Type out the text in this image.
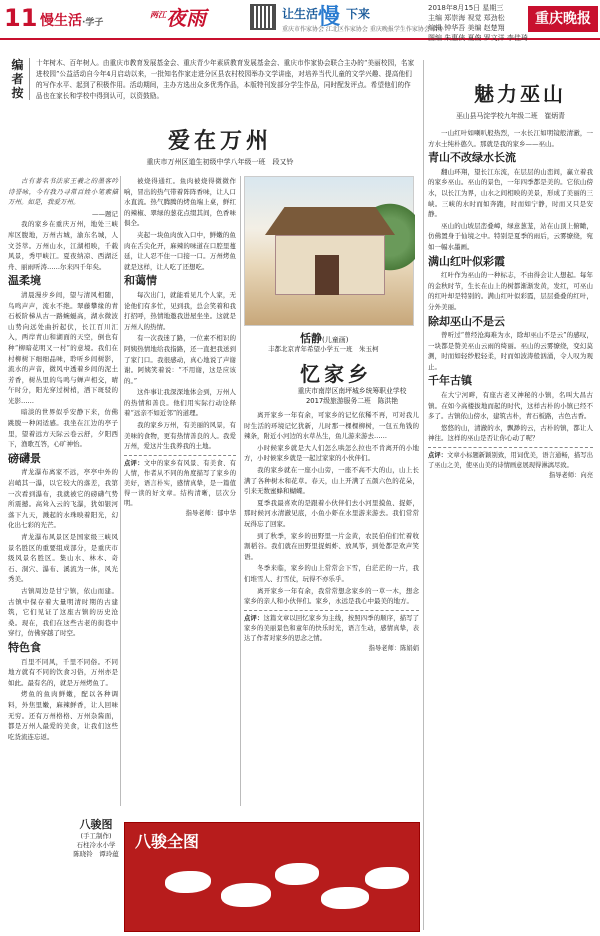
11 慢生活·学子
$^{两江}$夜雨	让生活 慢 下来
重庆市作家协会 江北区作家协会 重庆晚报学生作家协会 合办
2018年8月15日 星期三
主编 郑崇海 视觉 郑劲松
编辑 钟华吾 美编 赵楚翔
图编 朱惠侠 夏俊 罗文洋 李佳琦
重庆晚报
编者按
十年树木、百年树人。由重庆市教育发展基金会、重庆青少年素质教育发展基金会、重庆市作家协会联合主办的“美丽校园，名家进校园”公益活动自今年4月启动以来，一批知名作家走进分区县农村校园举办文学讲座，对培养当代儿童的文学兴趣、提高他们的写作水平、起到了积极作用。活动期间，主办方选出众多优秀作品，本版特刊发部分学生作品，同时配发评点。希望他们的作品也在家长和学校中得到认可，以资鼓励。
爱在万州
重庆市万州区道生初级中学八年级一班　段又铃

古有著名书法家王羲之的墨客吟诗誉咏，今有我乃寻常百姓小笔素描万州。如是，我爱万州。

——题记

我的家乡在重庆万州，地处三峡库区腹地，万州古城，渝东名城，人文荟萃。万州山水，江湖相映，千载风景，秀甲峡江。夏夜纳凉、西湖泛舟、丽雨听涛……尔来四千年矣。

温柔境

清晨漫步乡间，望与清风相随，鸟鸣声声，流水不绝。翠藤攀缘的青石板阶梯从古一路蜿蜒高，湖水微波山势向远处曲折起伏，长江百川汇入，两岸青山和湖面的天空，倒也有种“柳暗花明又一村”的意境。我们在村柳树下细细品味，聆听乡间树影，流水的声音，微风中透着乡间的泥土芳香，树丛里的鸟鸣与蝉声相交，晴午时分，阳光穿过树梢，洒下斑驳的光影……

暗淡的世界似乎安静下来，仿佛跳脱一种闲适感。我坐在江边的亭子里，望着远方天际云卷云舒，夕阳西下，渔歌互答，心旷神怡。

磅礴景

青龙瀑布离家不远，亭亭中外的岩峭其一瀑，以它较大的落差，我第一次看到瀑布，我就被它的磅礴气势所震撼。高耸入云的飞瀑，犹如银河落下九天，溅起的水珠映着阳光，幻化出七彩的光芒。

青龙瀑布风景区是国家级三峡风景名胜区的重要组成部分，是重庆市级风景名胜区。集山水、林木、奇石、洞穴、瀑布、溪流为一体，风光秀美。

古镇周边是甘宁镇，依山而建。古镇中保存着大量明清时期的古建筑，它们见证了这座古镇的历史沧桑。现在，我们在这些古老的街巷中穿行，仿佛穿越了时空。

特色食

百里不同风，千里不同俗。不同地方就有不同的饮食习俗，万州亦是如此。最有名的，就是万州烤鱼了。

烤鱼的鱼肉鲜嫩，配以各种调料，外焦里嫩，麻辣鲜香，让人回味无穷。还有万州格格、万州杂酱面，都是万州人最爱的美食，让我们这些吃货流连忘返。

被烧得通红。鱼肉被烧得微微作响，冒出的热气带着阵阵香味，让人口水直流。热气腾腾的烤鱼端上桌，鲜红的辣椒、翠绿的葱花点缀其间，色香味俱全。

夹起一块鱼肉放入口中，鲜嫩的鱼肉在舌尖化开，麻辣的味道在口腔里蔓延，让人忍不住一口接一口。万州烤鱼就是这样，让人吃了还想吃。

和蔼情

每次出门，就能看见几个人家，无论他们有多忙，见到我，总会笑着和我打招呼，热情地邀我进屋坐坐。这就是万州人的热情。

有一次我迷了路，一位素不相识的阿姨热情地给我指路，还一直把我送到了家门口。我很感动，真心地说了声谢谢。阿姨笑着说：“不用谢，这是应该的。”

这件事让我深深地体会到，万州人的热情和善良。他们用实际行动诠释着“远亲不如近邻”的道理。

我的家乡万州，有美丽的风景，有美味的食物，更有热情善良的人。我爱万州，爱这片生我养我的土地。

点评：文中的家乡有风景、有美食、有人情，作者从不同的角度描写了家乡的美好，语言朴实，感情真挚，是一篇值得一读的好文章。结构清晰，层次分明。
指导老师：郁中华
恬静(儿童画)
丰都北京青年希望小学五一班　朱玉柯
忆家乡
重庆市南岸区南坪城乡统筹职业学校
2017级旅游服务二班　陈洪艳

离开家乡一年有余，可家乡的记忆依稀不再，可对我儿时生活的环境记忆犹新，儿时那一棵棵柳树，一包五角钱的辣条，附近小河边的水草丛生，鱼儿游来游去……

小时候家乡就是大人们怎么哄怎么拉也不肯离开的小地方，小时候家乡就是一起过家家的小伙伴们。

我的家乡就在一座小山旁，一座不高不大的山，山上长满了各种树木和花草。春天，山上开满了五颜六色的花朵，引来无数蜜蜂和蝴蝶。

夏季我最喜欢的是跟着小伙伴们去小河里摸鱼、捉虾，那时候河水清澈见底，小鱼小虾在水里游来游去。我们常常玩得忘了回家。

到了秋季，家乡的田野里一片金黄，农民伯伯们忙着收割稻谷。我们就在田野里捉蚂蚱、放风筝，到处都是欢声笑语。

冬季来临，家乡的山上常常会下雪，白茫茫的一片，我们堆雪人、打雪仗，玩得不亦乐乎。

离开家乡一年有余，我常常想念家乡的一草一木，想念家乡的亲人和小伙伴们。家乡，永远是我心中最美的地方。

点评：这篇文章以回忆家乡为主线，按照四季的顺序，描写了家乡的美丽景色和童年的快乐时光，语言生动，感情真挚，表达了作者对家乡的思念之情。
指导老师：陈娟娟
八骏图
(手工制作)
石柱冷水小学
陈晓铃　谭玲蕴
八骏全图
魅力巫山
巫山县马淀学校九年级二班　崔炳青

一山红叶如喇叭般热烈，一水长江如明镜般清澈，一方水土纯朴憨久。那就是我的家乡——巫山。

青山不改绿水长流

翻山环翔，望长江东流，在层层的山峦间，赢立着我的家乡巫山。巫山的景色，一年四季都是美的。它依山傍水，以长江为界，山水之间相映的美景，形成了美丽的三峡。三峡的水时而如奔跑，时而如宁静，时而又只是安静。

巫山的山坡层峦叠嶂，绿意葱茏，站在山顶上俯瞰，仿佛置身于仙境之中。特别是夏季的雨后，云雾缭绕，宛如一幅水墨画。

满山红叶似彩霞

红叶作为巫山的一种标志，不由得会让人想起。每年的金秋时节，生长在山上的树都渐渐发黄，发红，可巫山的红叶却是特别的。满山红叶似彩霞，层层叠叠的红叶，分外美丽。

除却巫山不是云

曾听过“曾经沧海难为水，除却巫山不是云”的感叹，一块都是赞美巫山云雨的绮丽。巫山的云雾缭绕，变幻莫测，时而如轻纱般轻柔，时而如波涛般汹涌，令人叹为观止。

千年古镇

在大宁河畔，有座古老又神秘的小镇，名叫大昌古镇。在如今高楼拔地而起的时代，这样古朴的小镇已经不多了。古镇依山傍水，建筑古朴，青石板路，古色古香。

悠悠的山，清澈的水，飘渺的云，古朴的镇，都让人神往。这样的巫山是否让你心动了呢？

点评：文章小标题新颖别致，用词优美，语言通畅，描写出了巫山之美，使巫山美的诗情画意展现得淋漓尽致。
指导老师：向亮
